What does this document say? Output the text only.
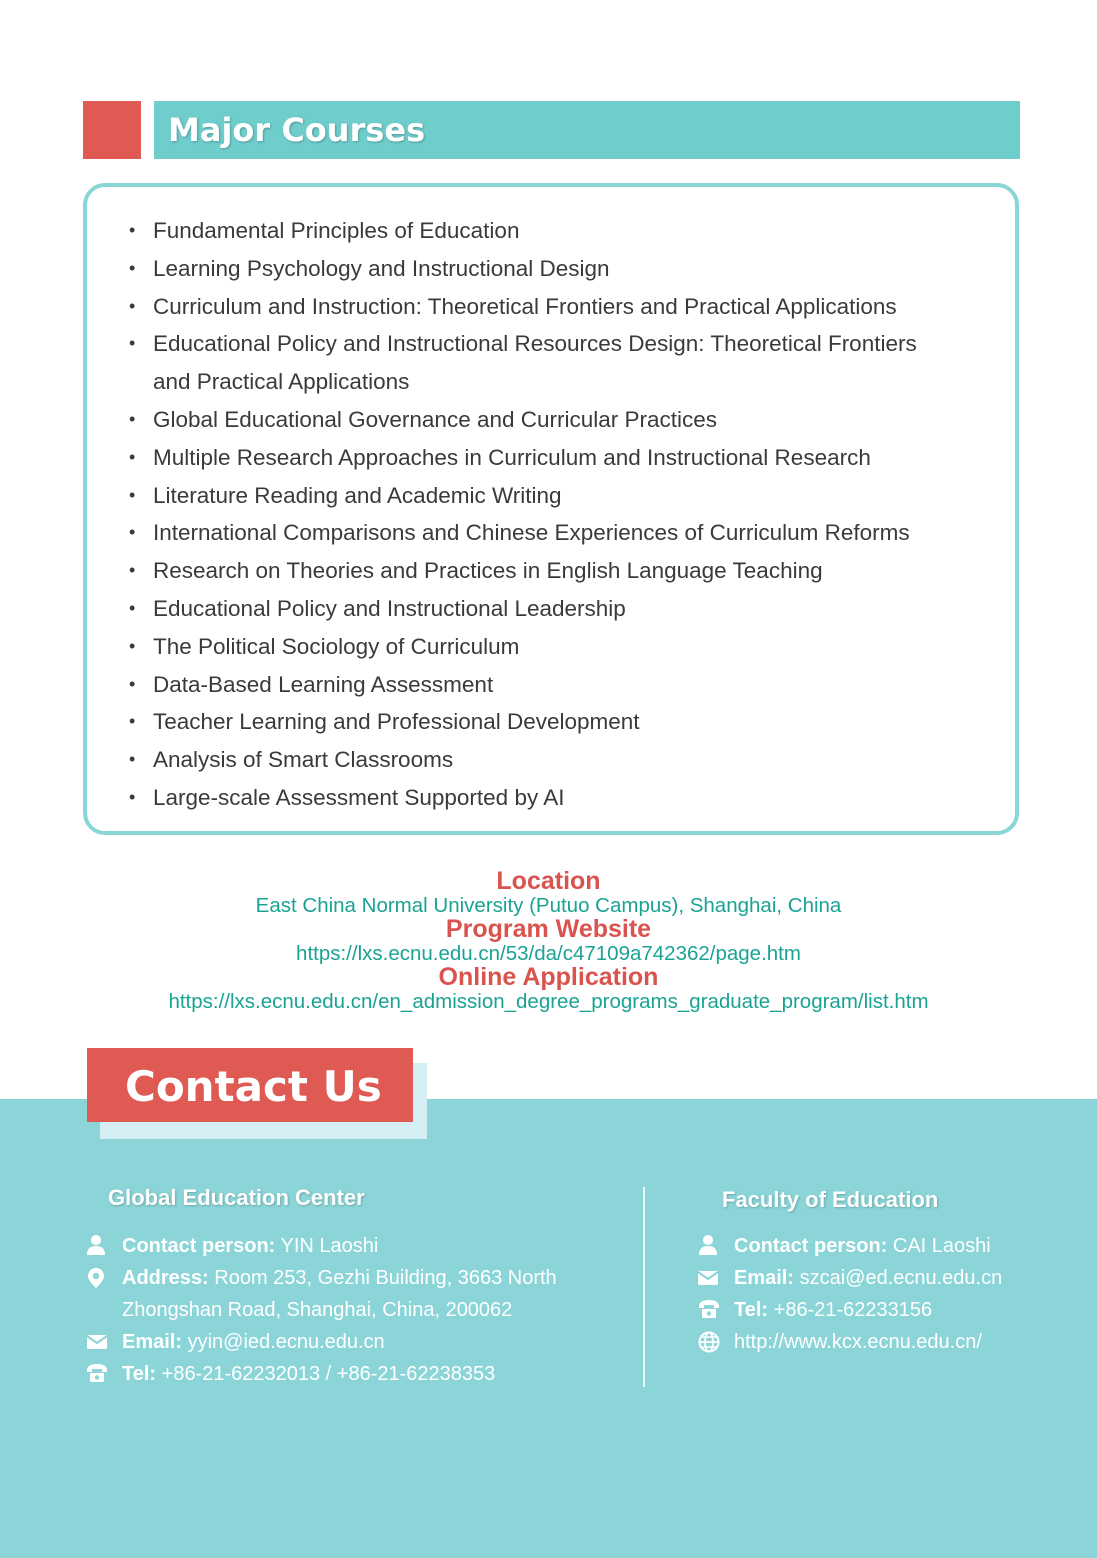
Major Courses
• Fundamental Principles of Education
• Learning Psychology and Instructional Design
• Curriculum and Instruction: Theoretical Frontiers and Practical Applications
• Educational Policy and Instructional Resources Design: Theoretical Frontiers
and Practical Applications
• Global Educational Governance and Curricular Practices
• Multiple Research Approaches in Curriculum and Instructional Research
• Literature Reading and Academic Writing
• International Comparisons and Chinese Experiences of Curriculum Reforms
• Research on Theories and Practices in English Language Teaching
• Educational Policy and Instructional Leadership
• The Political Sociology of Curriculum
• Data-Based Learning Assessment
• Teacher Learning and Professional Development
• Analysis of Smart Classrooms
• Large-scale Assessment Supported by AI
Location
East China Normal University (Putuo Campus), Shanghai, China
Program Website
https://lxs.ecnu.edu.cn/53/da/c47109a742362/page.htm
Online Application
https://lxs.ecnu.edu.cn/en_admission_degree_programs_graduate_program/list.htm
Contact Us
Global Education Center
Contact person: YIN Laoshi
Address: Room 253, Gezhi Building, 3663 North
Zhongshan Road, Shanghai, China, 200062
Email: yyin@ied.ecnu.edu.cn
Tel: +86-21-62232013 / +86-21-62238353
Faculty of Education
Contact person: CAI Laoshi
Email: szcai@ed.ecnu.edu.cn
Tel: +86-21-62233156
http://www.kcx.ecnu.edu.cn/
